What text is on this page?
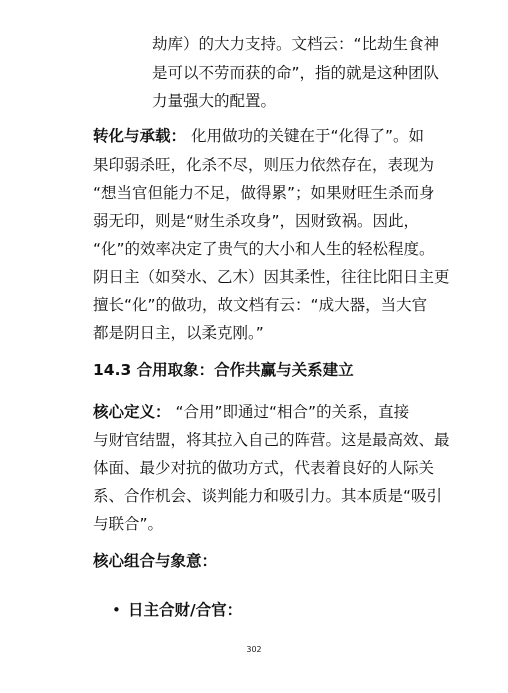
劫库）的大力支持。文档云：“比劫生食神
是可以不劳而获的命”，指的就是这种团队
力量强大的配置。
转化与承载： 化用做功的关键在于“化得了”。如
果印弱杀旺，化杀不尽，则压力依然存在，表现为
“想当官但能力不足，做得累”；如果财旺生杀而身
弱无印，则是“财生杀攻身”，因财致祸。因此，
“化”的效率决定了贵气的大小和人生的轻松程度。
阴日主（如癸水、乙木）因其柔性，往往比阳日主更
擅长“化”的做功，故文档有云：“成大器，当大官
都是阴日主，以柔克刚。”
14.3 合用取象：合作共赢与关系建立
核心定义： “合用”即通过“相合”的关系，直接
与财官结盟，将其拉入自己的阵营。这是最高效、最
体面、最少对抗的做功方式，代表着良好的人际关
系、合作机会、谈判能力和吸引力。其本质是“吸引
与联合”。
核心组合与象意：
• 日主合财/合官：
302
